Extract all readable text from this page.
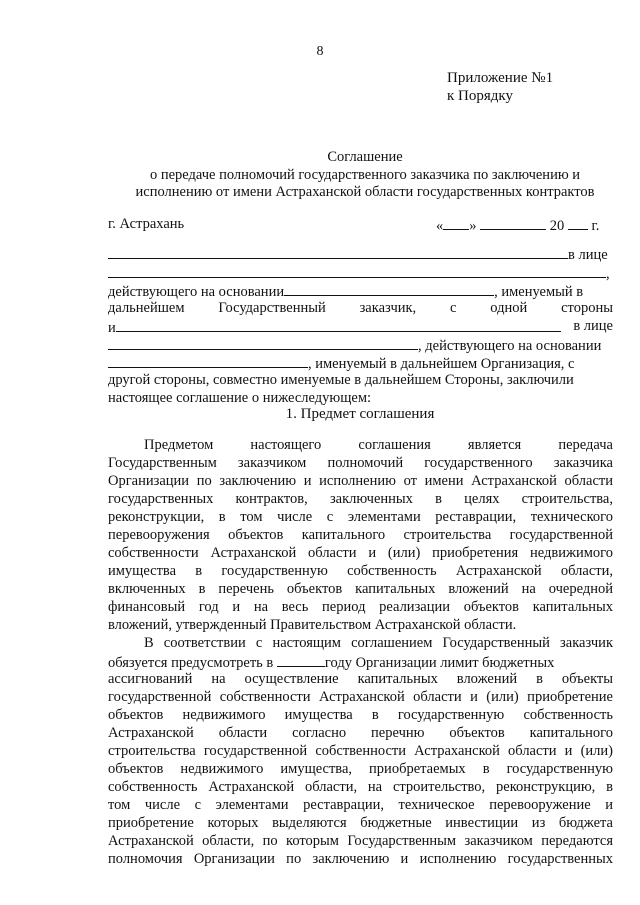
8
Приложение №1
к Порядку
Соглашение
о передаче полномочий государственного заказчика по заключению и
исполнению от имени Астраханской области государственных контрактов
г. Астрахань	« »	20 г.
в лице
,
действующего на основании	, именуемый в
дальнейшем Государственный заказчик, с одной стороны
и	в лице
, действующего на основании
, именуемый в дальнейшем Организация, с
другой стороны, совместно именуемые в дальнейшем Стороны, заключили
настоящее соглашение о нижеследующем:
1. Предмет соглашения
Предметом настоящего соглашения является передача
Государственным заказчиком полномочий государственного заказчика
Организации по заключению и исполнению от имени Астраханской области
государственных контрактов, заключенных в целях строительства,
реконструкции, в том числе с элементами реставрации, технического
перевооружения объектов капитального строительства государственной
собственности Астраханской области и (или) приобретения недвижимого
имущества в государственную собственность Астраханской области,
включенных в перечень объектов капитальных вложений на очередной
финансовый год и на весь период реализации объектов капитальных
вложений, утвержденный Правительством Астраханской области.
В соответствии с настоящим соглашением Государственный заказчик
обязуется предусмотреть в	году Организации лимит бюджетных
ассигнований на осуществление капитальных вложений в объекты
государственной собственности Астраханской области и (или) приобретение
объектов недвижимого имущества в государственную собственность
Астраханской области согласно перечню объектов капитального
строительства государственной собственности Астраханской области и (или)
объектов недвижимого имущества, приобретаемых в государственную
собственность Астраханской области, на строительство, реконструкцию, в
том числе с элементами реставрации, техническое перевооружение и
приобретение которых выделяются бюджетные инвестиции из бюджета
Астраханской области, по которым Государственным заказчиком передаются
полномочия Организации по заключению и исполнению государственных
